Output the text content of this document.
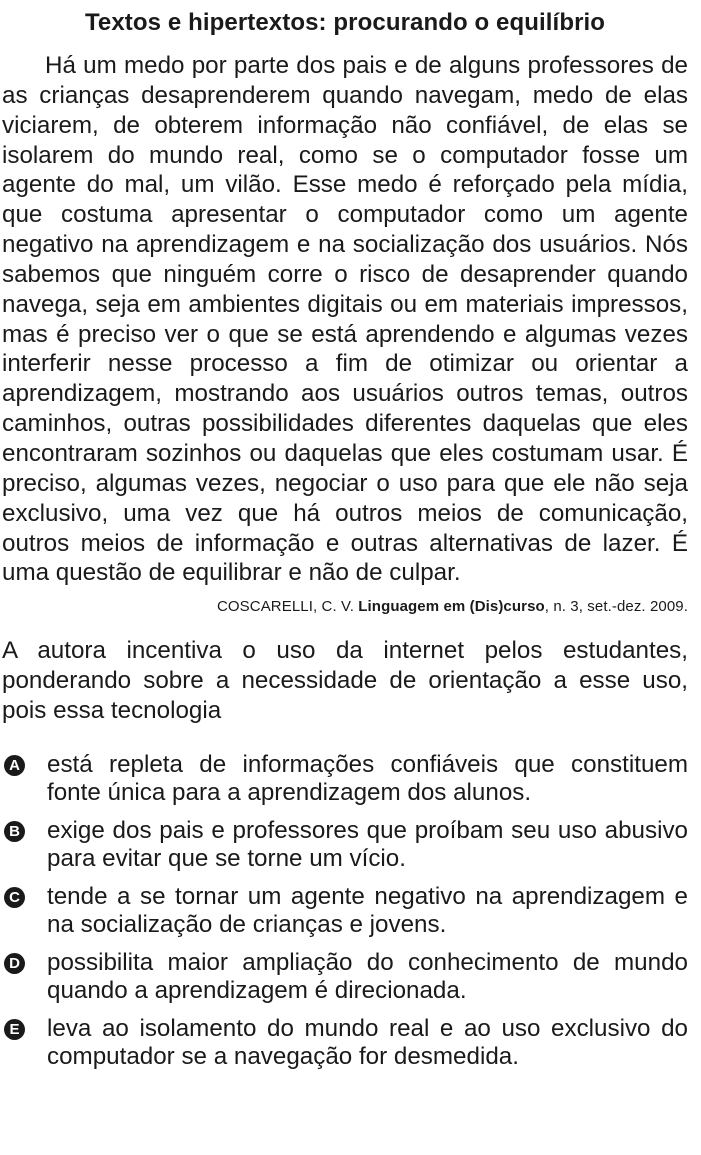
Textos e hipertextos: procurando o equilíbrio

Há um medo por parte dos pais e de alguns professores de as crianças desaprenderem quando navegam, medo de elas viciarem, de obterem informação não confiável, de elas se isolarem do mundo real, como se o computador fosse um agente do mal, um vilão. Esse medo é reforçado pela mídia, que costuma apresentar o computador como um agente negativo na aprendizagem e na socialização dos usuários. Nós sabemos que ninguém corre o risco de desaprender quando navega, seja em ambientes digitais ou em materiais impressos, mas é preciso ver o que se está aprendendo e algumas vezes interferir nesse processo a fim de otimizar ou orientar a aprendizagem, mostrando aos usuários outros temas, outros caminhos, outras possibilidades diferentes daquelas que eles encontraram sozinhos ou daquelas que eles costumam usar. É preciso, algumas vezes, negociar o uso para que ele não seja exclusivo, uma vez que há outros meios de comunicação, outros meios de informação e outras alternativas de lazer. É uma questão de equilibrar e não de culpar.

COSCARELLI, C. V. Linguagem em (Dis)curso, n. 3, set.-dez. 2009.

A autora incentiva o uso da internet pelos estudantes, ponderando sobre a necessidade de orientação a esse uso, pois essa tecnologia

A está repleta de informações confiáveis que constituem fonte única para a aprendizagem dos alunos.
B exige dos pais e professores que proíbam seu uso abusivo para evitar que se torne um vício.
C tende a se tornar um agente negativo na aprendizagem e na socialização de crianças e jovens.
D possibilita maior ampliação do conhecimento de mundo quando a aprendizagem é direcionada.
E leva ao isolamento do mundo real e ao uso exclusivo do computador se a navegação for desmedida.
